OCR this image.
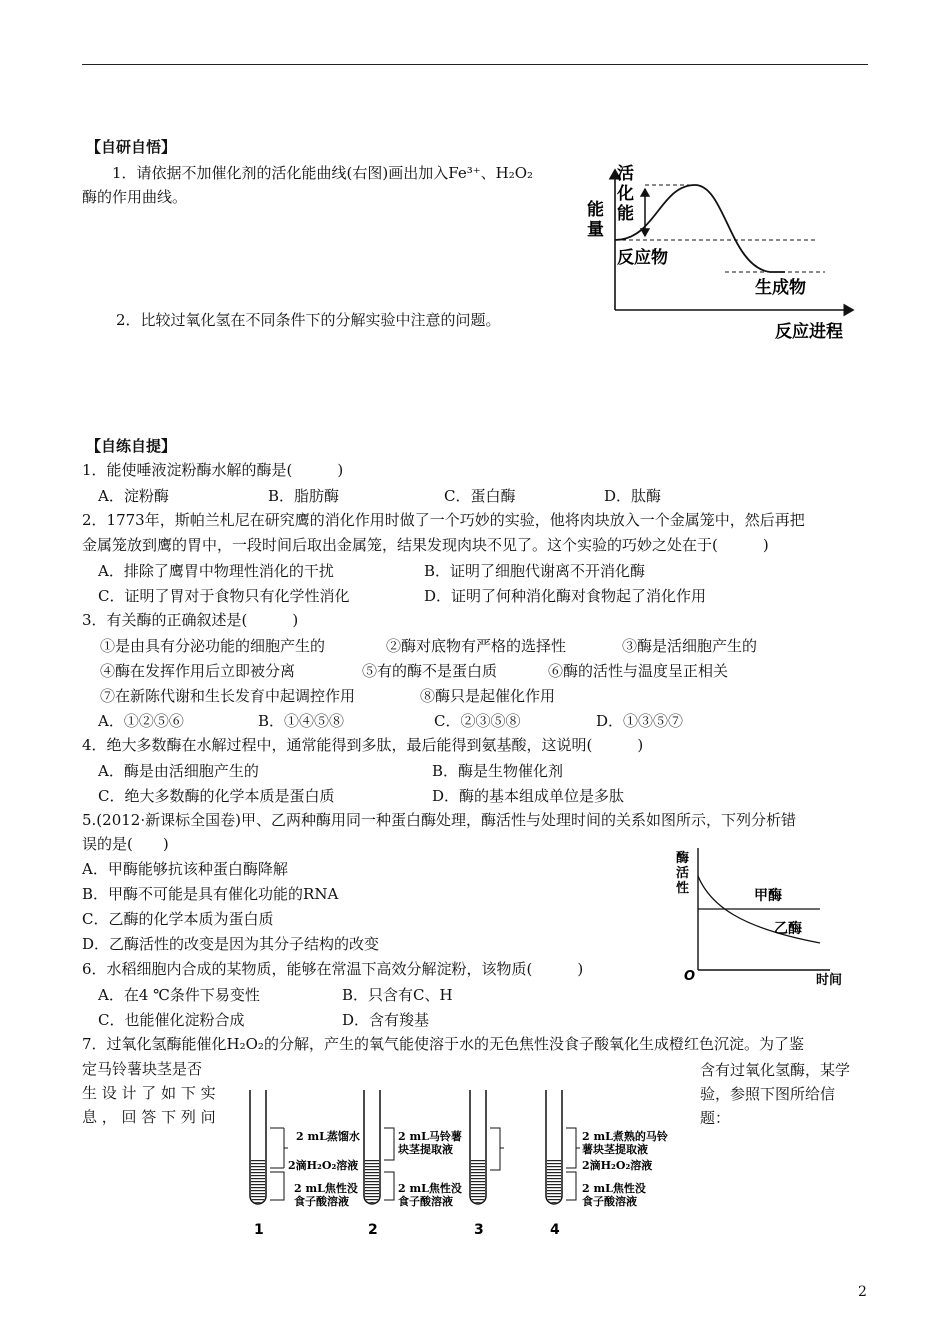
【自研自悟】
1．请依据不加催化剂的活化能曲线(右图)画出加入Fe³⁺、H₂O₂
酶的作用曲线。
2．比较过氧化氢在不同条件下的分解实验中注意的问题。
能量
活化能
反应物
生成物
反应进程
【自练自提】
1．能使唾液淀粉酶水解的酶是(　　　)
A．淀粉酶	B．脂肪酶	C．蛋白酶	D．肽酶
2．1773年，斯帕兰札尼在研究鹰的消化作用时做了一个巧妙的实验，他将肉块放入一个金属笼中，然后再把
金属笼放到鹰的胃中，一段时间后取出金属笼，结果发现肉块不见了。这个实验的巧妙之处在于(　　　)
A．排除了鹰胃中物理性消化的干扰	B．证明了细胞代谢离不开消化酶
C．证明了胃对于食物只有化学性消化	D．证明了何种消化酶对食物起了消化作用
3．有关酶的正确叙述是(　　　)
①是由具有分泌功能的细胞产生的	②酶对底物有严格的选择性	③酶是活细胞产生的
④酶在发挥作用后立即被分离	⑤有的酶不是蛋白质	⑥酶的活性与温度呈正相关
⑦在新陈代谢和生长发育中起调控作用	⑧酶只是起催化作用
A．①②⑤⑥	B．①④⑤⑧	C．②③⑤⑧	D．①③⑤⑦
4．绝大多数酶在水解过程中，通常能得到多肽，最后能得到氨基酸，这说明(　　　)
A．酶是由活细胞产生的	B．酶是生物催化剂
C．绝大多数酶的化学本质是蛋白质	D．酶的基本组成单位是多肽
5.(2012·新课标全国卷)甲、乙两种酶用同一种蛋白酶处理，酶活性与处理时间的关系如图所示，下列分析错
误的是(　　)
A．甲酶能够抗该种蛋白酶降解
B．甲酶不可能是具有催化功能的RNA
C．乙酶的化学本质为蛋白质
D．乙酶活性的改变是因为其分子结构的改变
酶
活
性	甲酶
乙酶
O	时间
6．水稻细胞内合成的某物质，能够在常温下高效分解淀粉，该物质(　　　)
A．在4 ℃条件下易变性	B．只含有C、H
C．也能催化淀粉合成	D．含有羧基
7．过氧化氢酶能催化H₂O₂的分解，产生的氧气能使溶于水的无色焦性没食子酸氧化生成橙红色沉淀。为了鉴
定马铃薯块茎是否
生 设 计 了 如 下 实
息 ， 回 答 下 列 问
含有过氧化氢酶，某学
验，参照下图所给信
题：
2 mL蒸馏水
2滴H₂O₂溶液
2 mL焦性没
食子酸溶液
1
2 mL马铃薯
块茎提取液
2 mL焦性没
食子酸溶液
2	3
2 mL煮熟的马铃
薯块茎提取液
2滴H₂O₂溶液
2 mL焦性没
食子酸溶液
4
2
